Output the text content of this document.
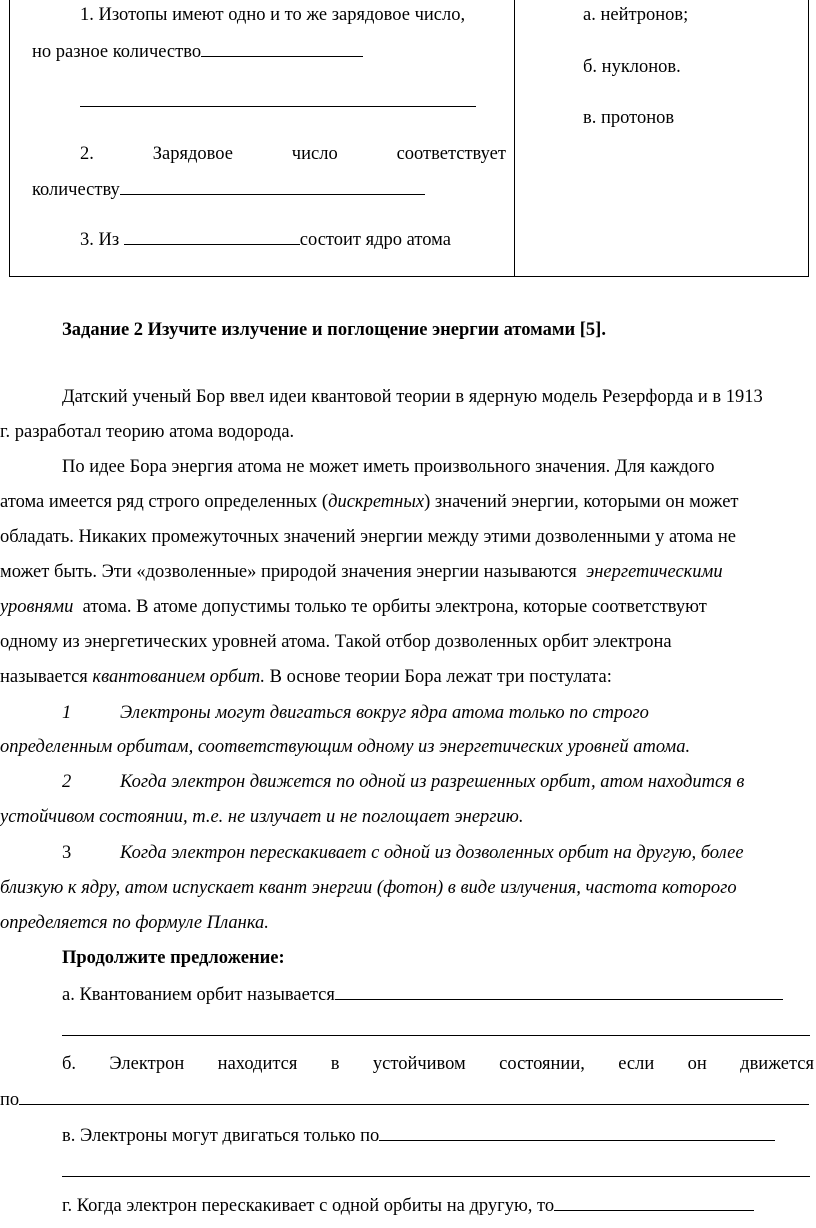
1. Изотопы имеют одно и то же зарядовое число,
но разное количество
2.	Зарядовое	число	соответствует
количеству
3. Из	состоит ядро атома
а. нейтронов;
б. нуклонов.
в. протонов
Задание 2 Изучите излучение и поглощение энергии атомами [5].
Датский ученый Бор ввел идеи квантовой теории в ядерную модель Резерфорда и в 1913
г. разработал теорию атома водорода.
По идее Бора энергия атома не может иметь произвольного значения. Для каждого
атома имеется ряд строго определенных (дискретных) значений энергии, которыми он может
обладать. Никаких промежуточных значений энергии между этими дозволенными у атома не
может быть. Эти «дозволенные» природой значения энергии называются энергетическими
уровнями атома. В атоме допустимы только те орбиты электрона, которые соответствуют
одному из энергетических уровней атома. Такой отбор дозволенных орбит электрона
называется квантованием орбит. В основе теории Бора лежат три постулата:
1	Электроны могут двигаться вокруг ядра атома только по строго
определенным орбитам, соответствующим одному из энергетических уровней атома.
2	Когда электрон движется по одной из разрешенных орбит, атом находится в
устойчивом состоянии, т.е. не излучает и не поглощает энергию.
3	Когда электрон перескакивает с одной из дозволенных орбит на другую, более
близкую к ядру, атом испускает квант энергии (фотон) в виде излучения, частота которого
определяется по формуле Планка.
Продолжите предложение:
а. Квантованием орбит называется
б. Электрон находится в устойчивом состоянии, если он движется
по
в. Электроны могут двигаться только по
г. Когда электрон перескакивает с одной орбиты на другую, то
